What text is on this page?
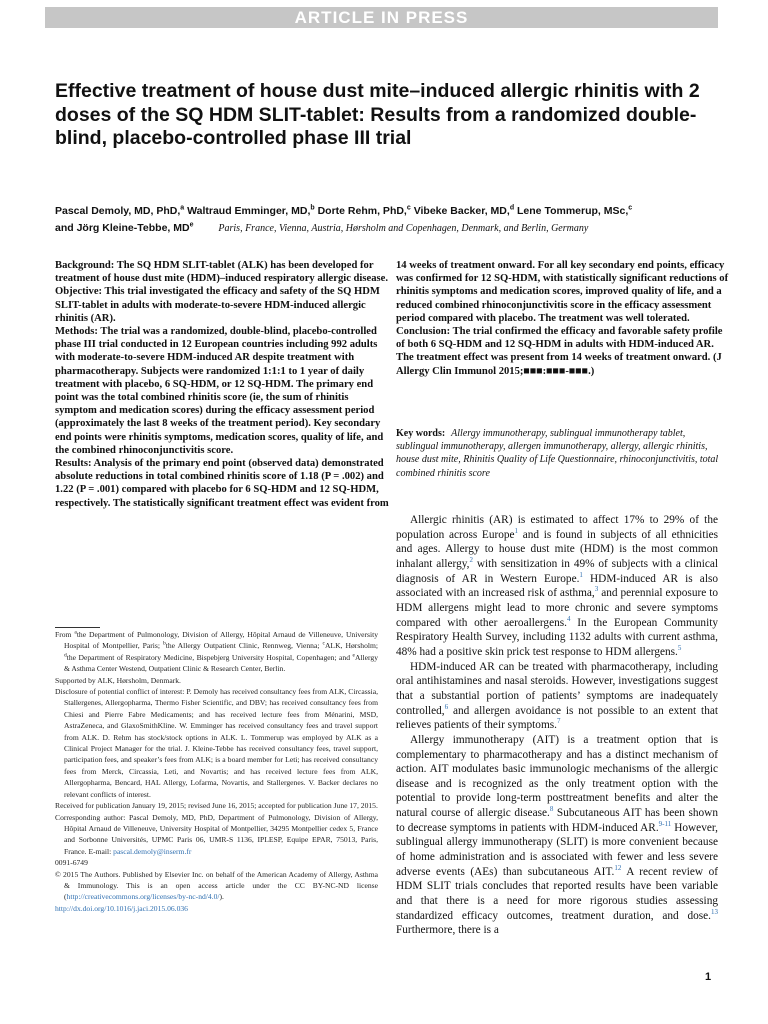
ARTICLE IN PRESS
Effective treatment of house dust mite–induced allergic rhinitis with 2 doses of the SQ HDM SLIT-tablet: Results from a randomized double-blind, placebo-controlled phase III trial
Pascal Demoly, MD, PhD,$^a$ Waltraud Emminger, MD,$^b$ Dorte Rehm, PhD,$^c$ Vibeke Backer, MD,$^d$ Lene Tommerup, MSc,$^c$
and Jörg Kleine-Tebbe, MDe Paris, France, Vienna, Austria, Hørsholm and Copenhagen, Denmark, and Berlin, Germany
Background: The SQ HDM SLIT-tablet (ALK) has been developed for treatment of house dust mite (HDM)–induced respiratory allergic disease.
Objective: This trial investigated the efficacy and safety of the SQ HDM SLIT-tablet in adults with moderate-to-severe HDM-induced allergic rhinitis (AR).
Methods: The trial was a randomized, double-blind, placebo-controlled phase III trial conducted in 12 European countries including 992 adults with moderate-to-severe HDM-induced AR despite treatment with pharmacotherapy. Subjects were randomized 1:1:1 to 1 year of daily treatment with placebo, 6 SQ-HDM, or 12 SQ-HDM. The primary end point was the total combined rhinitis score (ie, the sum of rhinitis symptom and medication scores) during the efficacy assessment period (approximately the last 8 weeks of the treatment period). Key secondary end points were rhinitis symptoms, medication scores, quality of life, and the combined rhinoconjunctivitis score.
Results: Analysis of the primary end point (observed data) demonstrated absolute reductions in total combined rhinitis score of 1.18 (P = .002) and 1.22 (P = .001) compared with placebo for 6 SQ-HDM and 12 SQ-HDM, respectively. The statistically significant treatment effect was evident from
14 weeks of treatment onward. For all key secondary end points, efficacy was confirmed for 12 SQ-HDM, with statistically significant reductions of rhinitis symptoms and medication scores, improved quality of life, and a reduced combined rhinoconjunctivitis score in the efficacy assessment period compared with placebo. The treatment was well tolerated.
Conclusion: The trial confirmed the efficacy and favorable safety profile of both 6 SQ-HDM and 12 SQ-HDM in adults with HDM-induced AR. The treatment effect was present from 14 weeks of treatment onward. (J Allergy Clin Immunol 2015;■■■:■■■-■■■.)
Key words: Allergy immunotherapy, sublingual immunotherapy tablet, sublingual immunotherapy, allergen immunotherapy, allergy, allergic rhinitis, house dust mite, Rhinitis Quality of Life Questionnaire, rhinoconjunctivitis, total combined rhinitis score

Allergic rhinitis (AR) is estimated to affect 17% to 29% of the population across Europe$^1$ and is found in subjects of all ethnicities and ages. Allergy to house dust mite (HDM) is the most common inhalant allergy,$^2$ with sensitization in 49% of subjects with a clinical diagnosis of AR in Western Europe.$^1$ HDM-induced AR is also associated with an increased risk of asthma,$^3$ and perennial exposure to HDM allergens might lead to more chronic and severe symptoms compared with other aeroallergens.$^4$ In the European Community Respiratory Health Survey, including 1132 adults with current asthma, 48% had a positive skin prick test response to HDM allergens.$^5$

HDM-induced AR can be treated with pharmacotherapy, including oral antihistamines and nasal steroids. However, investigations suggest that a substantial portion of patients’ symptoms are inadequately controlled,$^6$ and allergen avoidance is not possible to an extent that relieves patients of their symptoms.$^7$

Allergy immunotherapy (AIT) is a treatment option that is complementary to pharmacotherapy and has a distinct mechanism of action. AIT modulates basic immunologic mechanisms of the allergic disease and is recognized as the only treatment option with the potential to provide long-term posttreatment benefits and alter the natural course of allergic disease.$^8$ Subcutaneous AIT has been shown to decrease symptoms in patients with HDM-induced AR.$^{9-11}$ However, sublingual allergy immunotherapy (SLIT) is more convenient because of home administration and is associated with fewer and less severe adverse events (AEs) than subcutaneous AIT.$^{12}$ A recent review of HDM SLIT trials concludes that reported results have been variable and that there is a need for more rigorous studies assessing standardized efficacy outcomes, treatment duration, and dose.$^{13}$ Furthermore, there is a

From $^a$the Department of Pulmonology, Division of Allergy, Hôpital Arnaud de Villeneuve, University Hospital of Montpellier, Paris; $^b$the Allergy Outpatient Clinic, Rennweg, Vienna; $^c$ALK, Hørsholm; $^d$the Department of Respiratory Medicine, Bispebjerg University Hospital, Copenhagen; and $^e$Allergy & Asthma Center Westend, Outpatient Clinic & Research Center, Berlin.
Supported by ALK, Hørsholm, Denmark.
Disclosure of potential conflict of interest: P. Demoly has received consultancy fees from ALK, Circassia, Stallergenes, Allergopharma, Thermo Fisher Scientific, and DBV; has received consultancy fees from Chiesi and Pierre Fabre Medicaments; and has received lecture fees from Ménarini, MSD, AstraZeneca, and GlaxoSmithKline. W. Emminger has received consultancy fees and travel support from ALK. D. Rehm has stock/stock options in ALK. L. Tommerup was employed by ALK as a Clinical Project Manager for the trial. J. Kleine-Tebbe has received consultancy fees, travel support, participation fees, and speaker’s fees from ALK; is a board member for Leti; has received consultancy fees from Merck, Circassia, Leti, and Novartis; and has received lecture fees from ALK, Allergopharma, Bencard, HAL Allergy, Lofarma, Novartis, and Stallergenes. V. Backer declares no relevant conflicts of interest.
Received for publication January 19, 2015; revised June 16, 2015; accepted for publication June 17, 2015.
Corresponding author: Pascal Demoly, MD, PhD, Department of Pulmonology, Division of Allergy, Hôpital Arnaud de Villeneuve, University Hospital of Montpellier, 34295 Montpellier cedex 5, France and Sorbonne Universités, UPMC Paris 06, UMR-S 1136, IPLESP, Equipe EPAR, 75013, Paris, France. E-mail: pascal.demoly@inserm.fr
0091-6749
© 2015 The Authors. Published by Elsevier Inc. on behalf of the American Academy of Allergy, Asthma & Immunology. This is an open access article under the CC BY-NC-ND license (http://creativecommons.org/licenses/by-nc-nd/4.0/).
http://dx.doi.org/10.1016/j.jaci.2015.06.036
1
